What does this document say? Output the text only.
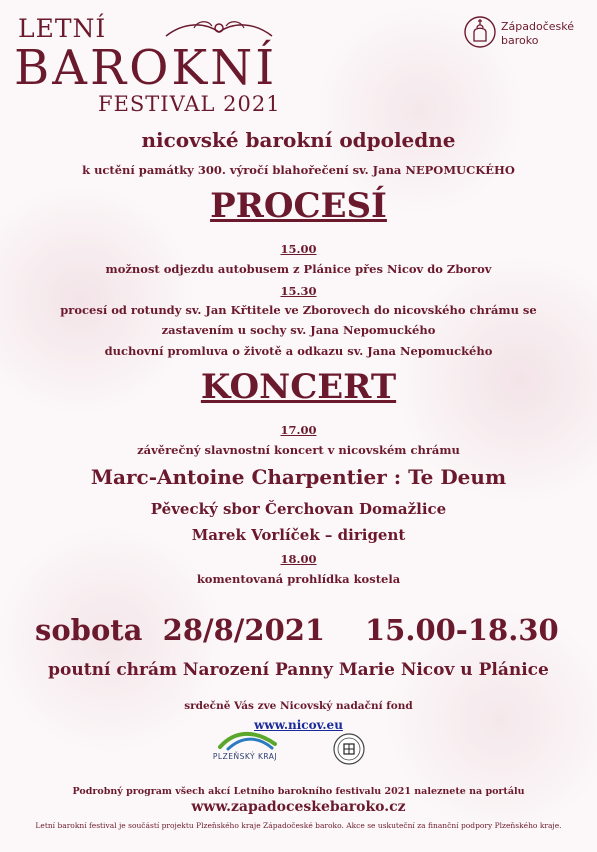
LETNÍ
BAROKNÍ
FESTIVAL 2021
Západočeské
baroko
nicovské barokní odpoledne
k uctění památky 300. výročí blahořečení sv. Jana NEPOMUCKÉHO
PROCESÍ
15.00
možnost odjezdu autobusem z Plánice přes Nicov do Zborov
15.30
procesí od rotundy sv. Jan Křtitele ve Zborovech do nicovského chrámu se
zastavením u sochy sv. Jana Nepomuckého
duchovní promluva o životě a odkazu sv. Jana Nepomuckého
KONCERT
17.00
závěrečný slavnostní koncert v nicovském chrámu
Marc-Antoine Charpentier : Te Deum
Pěvecký sbor Čerchovan Domažlice
Marek Vorlíček – dirigent
18.00
komentovaná prohlídka kostela
sobota  28/8/2021 15.00-18.30
poutní chrám Narození Panny Marie Nicov u Plánice
srdečně Vás zve Nicovský nadační fond
www.nicov.eu
PLZEŇSKÝ KRAJ
Podrobný program všech akcí Letního barokního festivalu 2021 naleznete na portálu
www.zapadoceskebaroko.cz
Letní barokní festival je součástí projektu Plzeňského kraje Západočeské baroko. Akce se uskuteční za finanční podpory Plzeňského kraje.
